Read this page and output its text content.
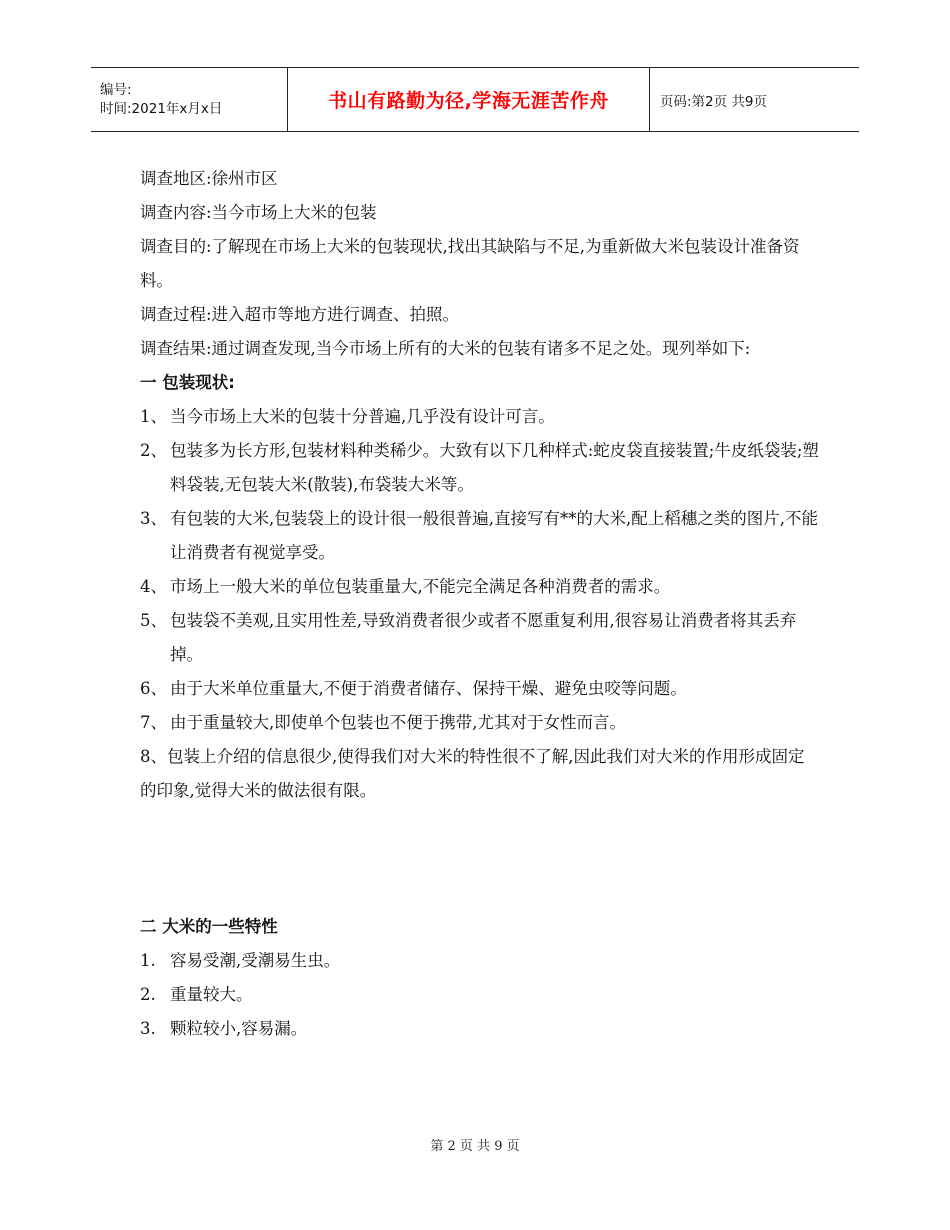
编号:
时间:2021年x月x日	书山有路勤为径,学海无涯苦作舟	页码:第2页 共9页

调查地区:徐州市区

调查内容:当今市场上大米的包装

调查目的:了解现在市场上大米的包装现状,找出其缺陷与不足,为重新做大米包装设计准备资料。

调查过程:进入超市等地方进行调查、拍照。

调查结果:通过调查发现,当今市场上所有的大米的包装有诸多不足之处。现列举如下:

一 包装现状:

1、 当今市场上大米的包装十分普遍,几乎没有设计可言。
2、 包装多为长方形,包装材料种类稀少。大致有以下几种样式:蛇皮袋直接装置;牛皮纸袋装;塑料袋装,无包装大米(散装),布袋装大米等。
3、 有包装的大米,包装袋上的设计很一般很普遍,直接写有**的大米,配上稻穗之类的图片,不能让消费者有视觉享受。
4、 市场上一般大米的单位包装重量大,不能完全满足各种消费者的需求。
5、 包装袋不美观,且实用性差,导致消费者很少或者不愿重复利用,很容易让消费者将其丢弃掉。
6、 由于大米单位重量大,不便于消费者储存、保持干燥、避免虫咬等问题。
7、 由于重量较大,即使单个包装也不便于携带,尤其对于女性而言。

8、包装上介绍的信息很少,使得我们对大米的特性很不了解,因此我们对大米的作用形成固定的印象,觉得大米的做法很有限。

二 大米的一些特性

1. 容易受潮,受潮易生虫。
2. 重量较大。
3. 颗粒较小,容易漏。
第 2 页 共 9 页
